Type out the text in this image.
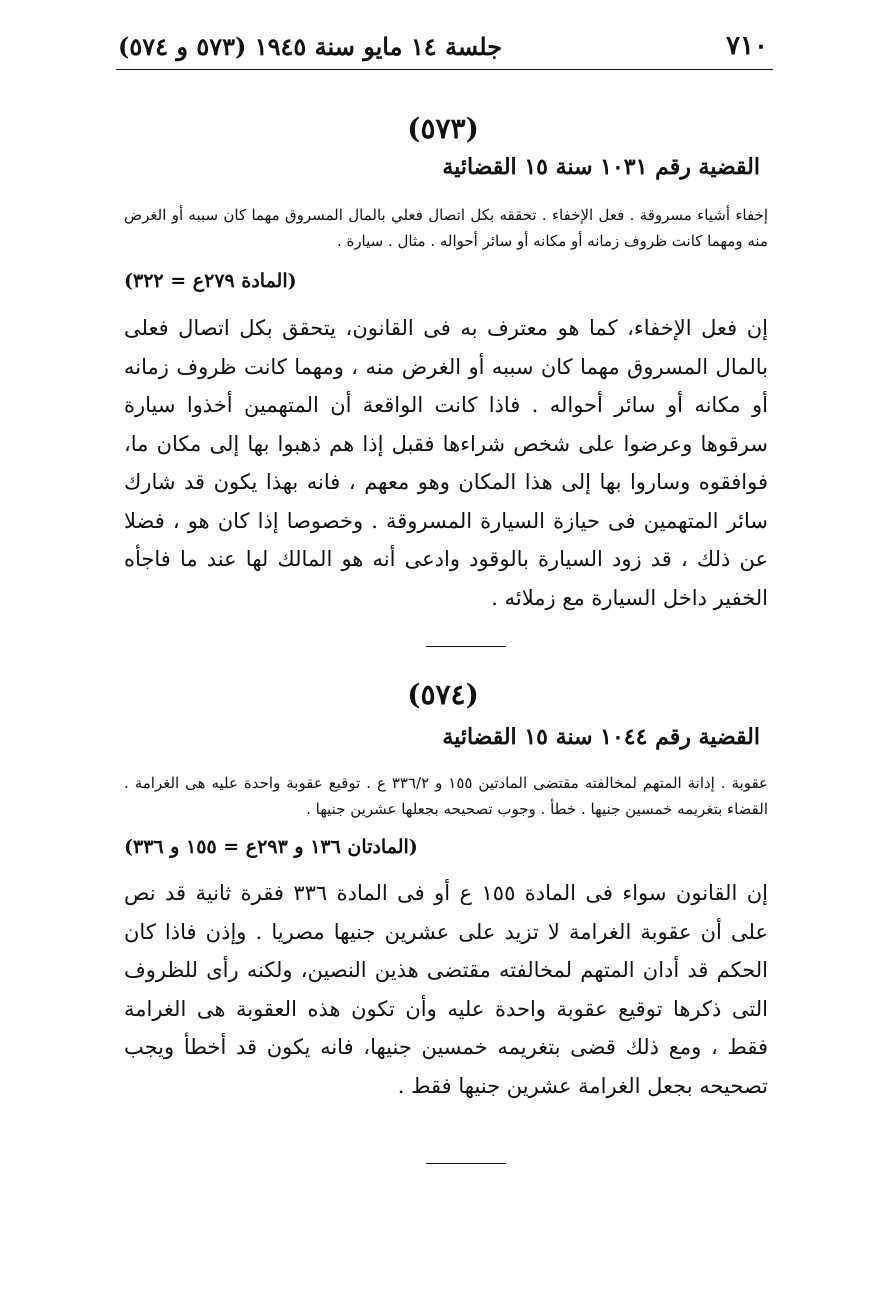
٧١٠
جلسة ١٤ مايو سنة ١٩٤٥ (٥٧٣ و ٥٧٤)
(٥٧٣)
القضية رقم ١٠٣١ سنة ١٥ القضائية
إخفاء أشياء مسروقة . فعل الإخفاء . تحققه بكل اتصال فعلي بالمال المسروق مهما كان سببه أو الغرض منه ومهما كانت ظروف زمانه أو مكانه أو سائر أحواله . مثال . سيارة .
(المادة ٢٧٩ع = ٣٢٢)
إن فعل الإخفاء، كما هو معترف به فى القانون، يتحقق بكل اتصال فعلى بالمال المسروق مهما كان سببه أو الغرض منه ، ومهما كانت ظروف زمانه أو مكانه أو سائر أحواله . فاذا كانت الواقعة أن المتهمين أخذوا سيارة سرقوها وعرضوا على شخص شراءها فقبل إذا هم ذهبوا بها إلى مكان ما، فوافقوه وساروا بها إلى هذا المكان وهو معهم ، فانه بهذا يكون قد شارك سائر المتهمين فى حيازة السيارة المسروقة . وخصوصا إذا كان هو ، فضلا عن ذلك ، قد زود السيارة بالوقود وادعى أنه هو المالك لها عند ما فاجأه الخفير داخل السيارة مع زملائه .
(٥٧٤)
القضية رقم ١٠٤٤ سنة ١٥ القضائية
عقوبة . إدانة المتهم لمخالفته مقتضى المادتين ١٥٥ و ٣٣٦/٢ ع . توقيع عقوبة واحدة عليه هى الغرامة . القضاء بتغريمه خمسين جنيها . خطأ . وجوب تصحيحه بجعلها عشرين جنيها .
(المادتان ١٣٦ و ٢٩٣ع = ١٥٥ و ٣٣٦)
إن القانون سواء فى المادة ١٥٥ ع أو فى المادة ٣٣٦ فقرة ثانية قد نص على أن عقوبة الغرامة لا تزيد على عشرين جنيها مصريا . وإذن فاذا كان الحكم قد أدان المتهم لمخالفته مقتضى هذين النصين، ولكنه رأى للظروف التى ذكرها توقيع عقوبة واحدة عليه وأن تكون هذه العقوبة هى الغرامة فقط ، ومع ذلك قضى بتغريمه خمسين جنيها، فانه يكون قد أخطأ ويجب تصحيحه بجعل الغرامة عشرين جنيها فقط .
